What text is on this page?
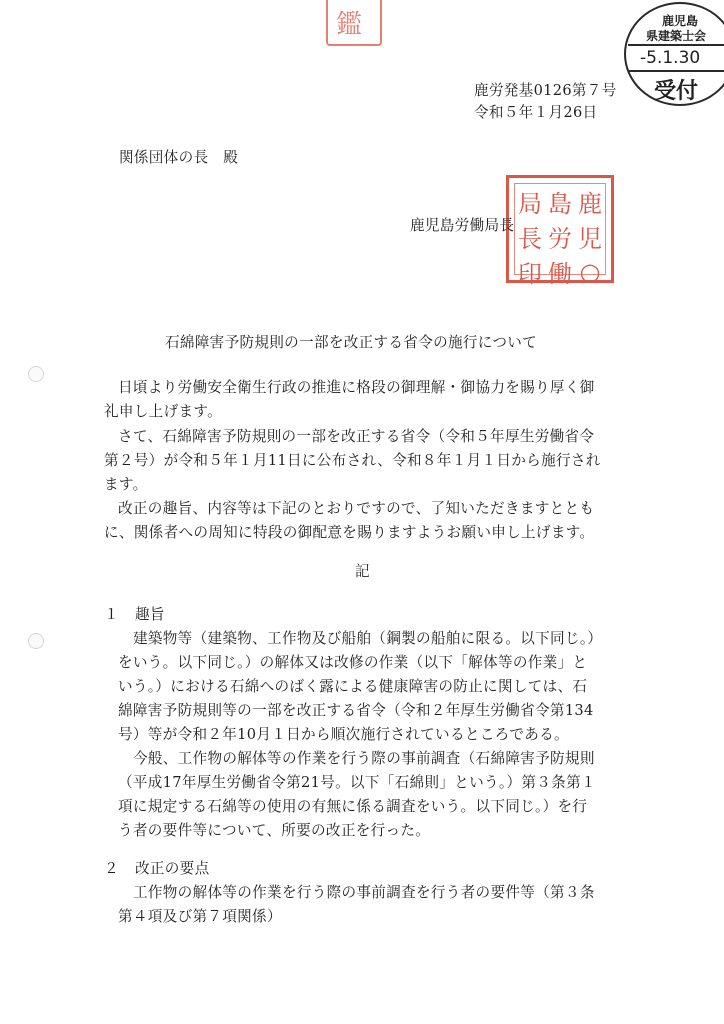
鑑	鹿児島
県建築士会
-5.1.30
受付
鹿労発基0126第７号
令和５年１月26日
関係団体の長　殿
局 島 鹿
長 労 児
印 働 ○
鹿児島労働局長
石綿障害予防規則の一部を改正する省令の施行について
日頃より労働安全衛生行政の推進に格段の御理解・御協力を賜り厚く御
礼申し上げます。
さて、石綿障害予防規則の一部を改正する省令（令和５年厚生労働省令
第２号）が令和５年１月11日に公布され、令和８年１月１日から施行され
ます。
改正の趣旨、内容等は下記のとおりですので、了知いただきますととも
に、関係者への周知に特段の御配意を賜りますようお願い申し上げます。
記
１ 趣旨
建築物等（建築物、工作物及び船舶（鋼製の船舶に限る。以下同じ。）
をいう。以下同じ。）の解体又は改修の作業（以下「解体等の作業」と
いう。）における石綿へのばく露による健康障害の防止に関しては、石
綿障害予防規則等の一部を改正する省令（令和２年厚生労働省令第134
号）等が令和２年10月１日から順次施行されているところである。
今般、工作物の解体等の作業を行う際の事前調査（石綿障害予防規則
（平成17年厚生労働省令第21号。以下「石綿則」という。）第３条第１
項に規定する石綿等の使用の有無に係る調査をいう。以下同じ。）を行
う者の要件等について、所要の改正を行った。
２ 改正の要点
工作物の解体等の作業を行う際の事前調査を行う者の要件等（第３条
第４項及び第７項関係）
